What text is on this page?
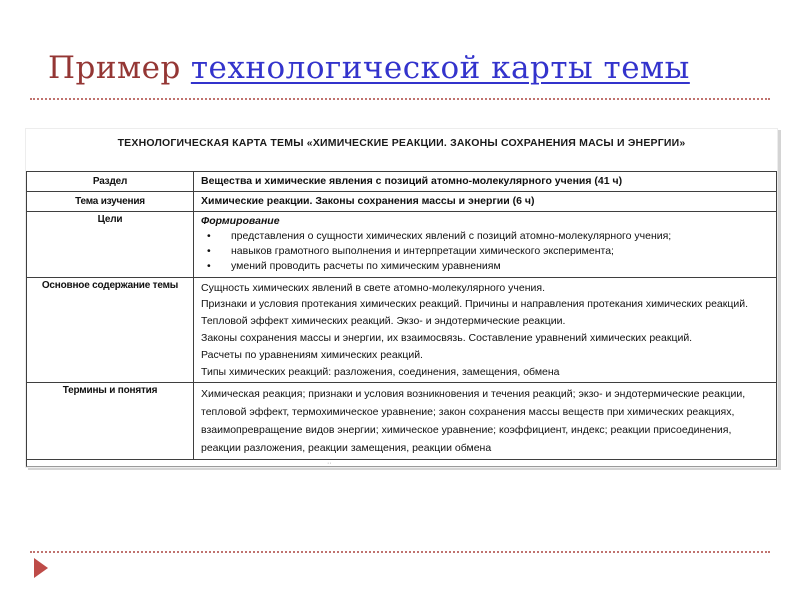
Пример технологической карты темы
ТЕХНОЛОГИЧЕСКАЯ КАРТА ТЕМЫ «ХИМИЧЕСКИЕ РЕАКЦИИ. ЗАКОНЫ СОХРАНЕНИЯ МАСЫ И ЭНЕРГИИ»
Раздел	Вещества и химические явления с позиций атомно-молекулярного учения (41 ч)
Тема изучения	Химические реакции. Законы сохранения массы и энергии (6 ч)
Цели	Формирование
•	представления о сущности химических явлений с позиций атомно-молекулярного учения;
•	навыков грамотного выполнения и интерпретации химического эксперимента;
•	умений проводить расчеты по химическим уравнениям

Основное содержание темы	Сущность химических явлений в свете атомно-молекулярного учения.
Признаки и условия протекания химических реакций. Причины и направления протекания химических реакций.
Тепловой эффект химических реакций. Экзо- и эндотермические реакции.
Законы сохранения массы и энергии, их взаимосвязь. Составление уравнений химических реакций.
Расчеты по уравнениям химических реакций.
Типы химических реакций: разложения, соединения, замещения, обмена

Термины и понятия	Химическая реакция; признаки и условия возникновения и течения реакций; экзо- и эндотермические реакции, тепловой эффект, термохимическое уравнение; закон сохранения массы веществ при химических реакциях, взаимопревращение видов энергии; химическое уравнение; коэффициент, индекс; реакции присоединения, реакции разложения, реакции замещения, реакции обмена
··
